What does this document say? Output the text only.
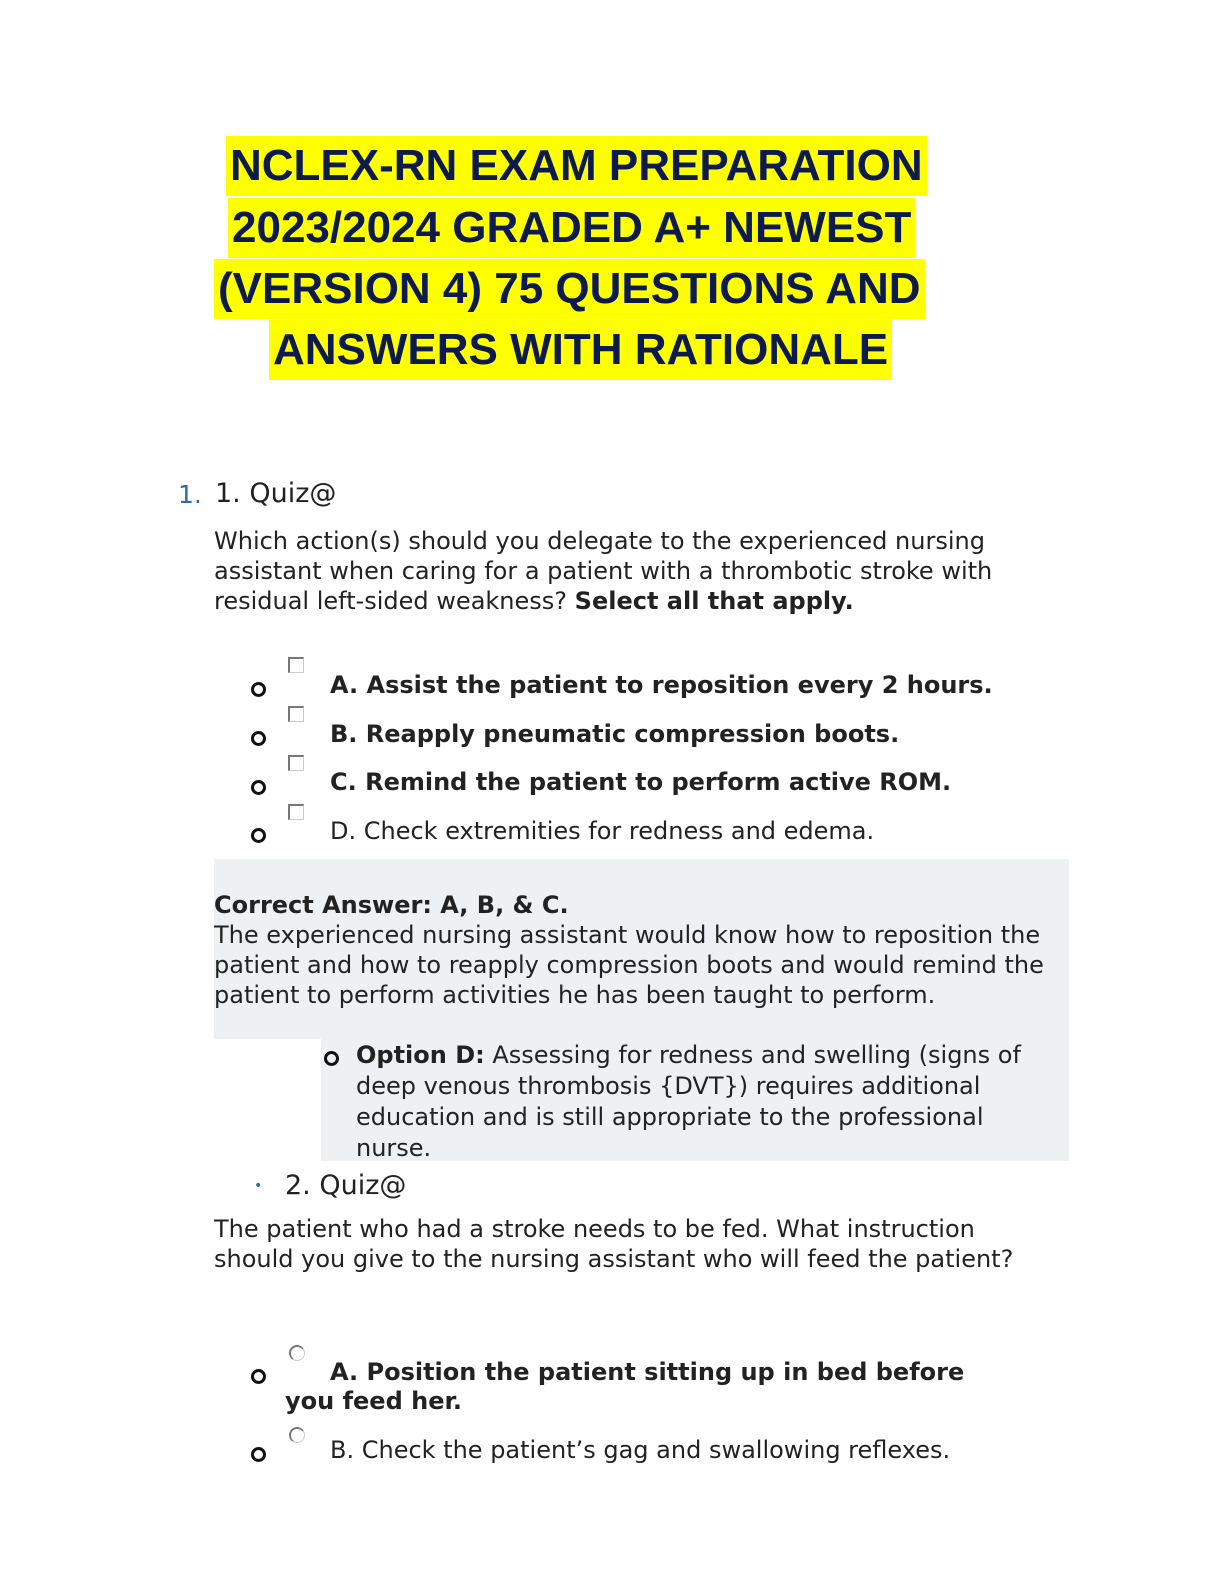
NCLEX-RN EXAM PREPARATION
2023/2024 GRADED A+ NEWEST
(VERSION 4) 75 QUESTIONS AND
ANSWERS WITH RATIONALE
1. 1. Quiz@
Which action(s) should you delegate to the experienced nursing assistant when caring for a patient with a thrombotic stroke with residual left-sided weakness? Select all that apply.
A. Assist the patient to reposition every 2 hours.
B. Reapply pneumatic compression boots.
C. Remind the patient to perform active ROM.
D. Check extremities for redness and edema.
Correct Answer: A, B, & C.
The experienced nursing assistant would know how to reposition the patient and how to reapply compression boots and would remind the patient to perform activities he has been taught to perform.
Option D: Assessing for redness and swelling (signs of deep venous thrombosis {DVT}) requires additional education and is still appropriate to the professional nurse.
• 2. Quiz@
The patient who had a stroke needs to be fed. What instruction should you give to the nursing assistant who will feed the patient?
A. Position the patient sitting up in bed before
you feed her.
B. Check the patient’s gag and swallowing reflexes.
